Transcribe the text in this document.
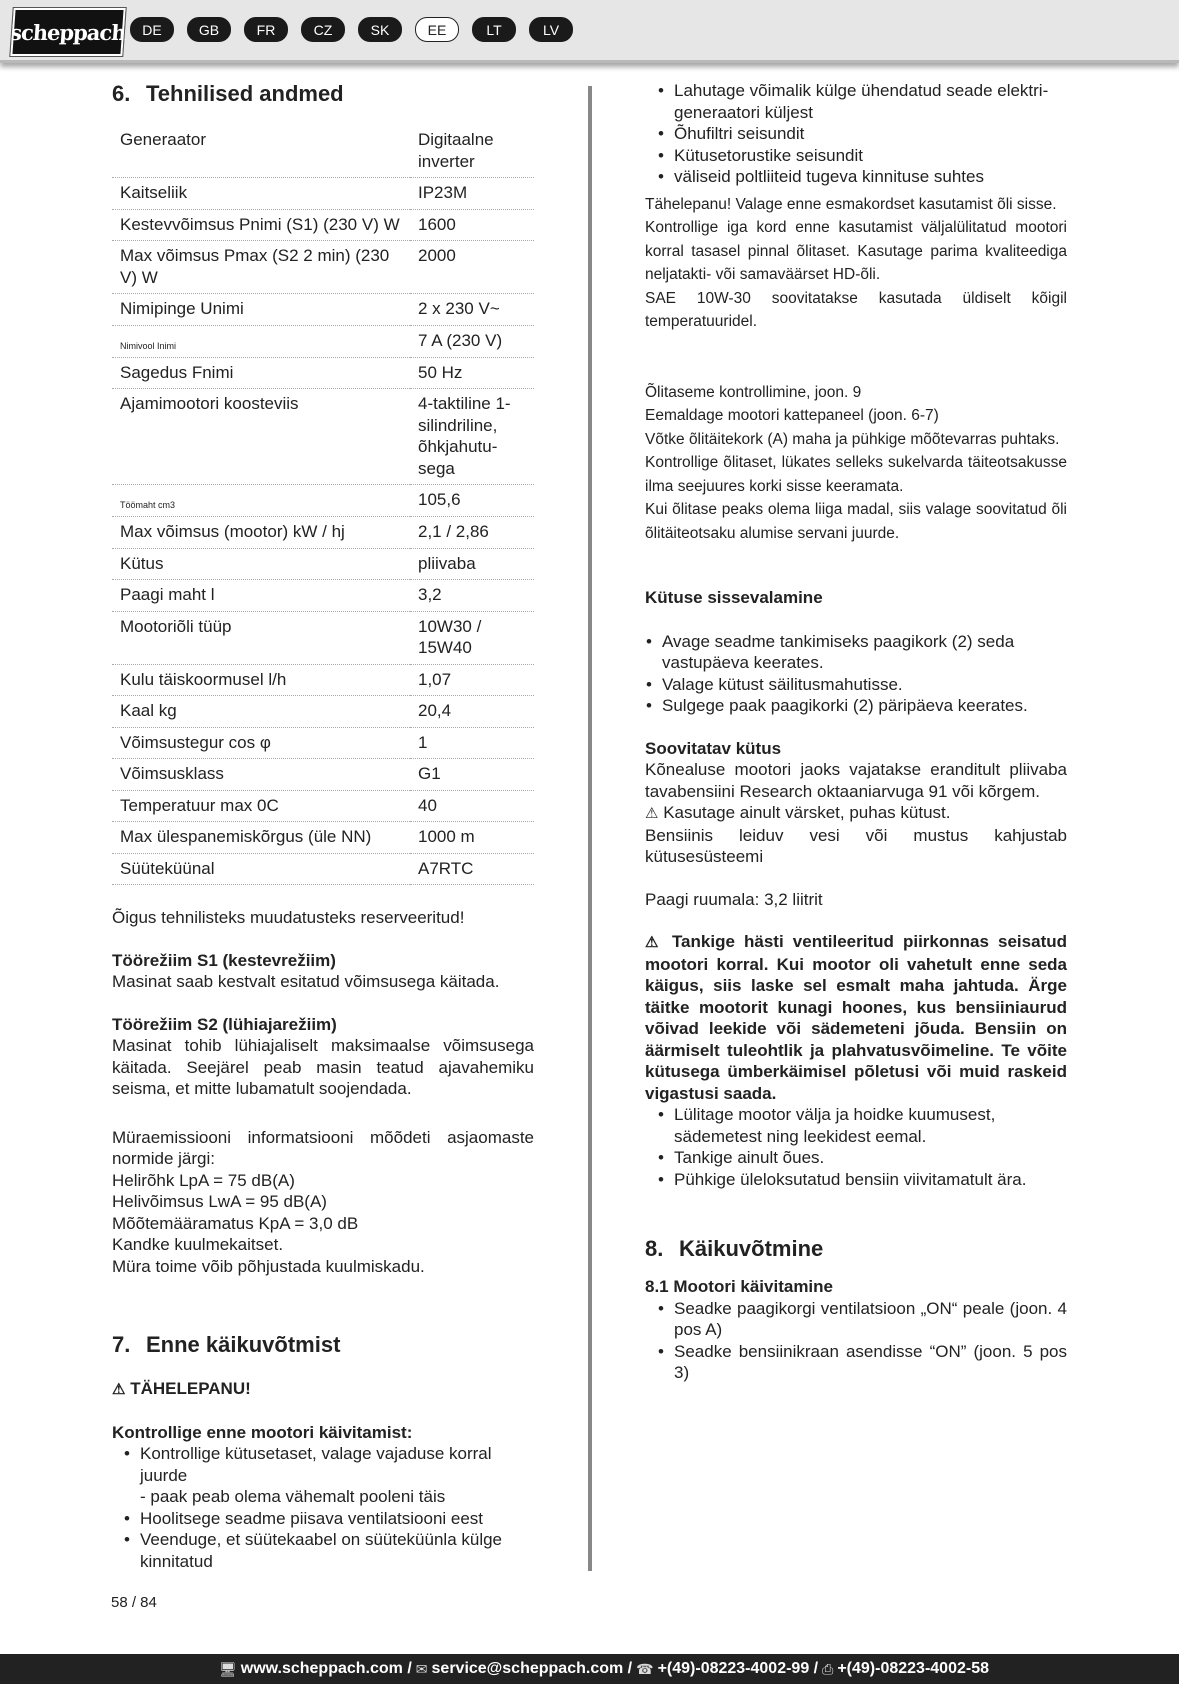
scheppach	DE	GB	FR	CZ	SK	EE	LT	LV
6. Tehnilised andmed
Generaator	Digitaalne inverter
Kaitseliik	IP23M
Kestevvõimsus Pnimi (S1) (230 V) W	1600
Max võimsus Pmax (S2 2 min) (230 V) W	2000
Nimipinge Unimi	2 x 230 V~
Nimivool Inimi	7 A (230 V)
Sagedus Fnimi	50 Hz
Ajamimootori koosteviis	4-taktiline 1-silindriline, õhkjahutu-sega
Töömaht cm3	105,6
Max võimsus (mootor) kW / hj	2,1 / 2,86
Kütus	pliivaba
Paagi maht l	3,2
Mootoriõli tüüp	10W30 / 15W40
Kulu täiskoormusel l/h	1,07
Kaal kg	20,4
Võimsustegur cos φ	1
Võimsusklass	G1
Temperatuur max 0C	40
Max ülespanemiskõrgus (üle NN)	1000 m
Süüteküünal	A7RTC

Õigus tehnilisteks muudatusteks reserveeritud!

Töörežiim S1 (kestevrežiim)

Masinat saab kestvalt esitatud võimsusega käitada.

Töörežiim S2 (lühiajarežiim)

Masinat tohib lühiajaliselt maksimaalse võimsusega käitada. Seejärel peab masin teatud ajavahemiku seisma, et mitte lubamatult soojendada.

Müraemissiooni informatsiooni mõõdeti asjaomaste normide järgi:

Helirõhk LpA = 75 dB(A)

Helivõimsus LwA = 95 dB(A)

Mõõtemääramatus KpA = 3,0 dB

Kandke kuulmekaitset.

Müra toime võib põhjustada kuulmiskadu.

7. Enne käikuvõtmist

⚠ TÄHELEPANU!

Kontrollige enne mootori käivitamist:

• Kontrollige kütusetaset, valage vajaduse korral juurde
- paak peab olema vähemalt pooleni täis
• Hoolitsege seadme piisava ventilatsiooni eest
• Veenduge, et süütekaabel on süüteküünla külge kinnitatud
• Lahutage võimalik külge ühendatud seade elektri-generaatori küljest
• Õhufiltri seisundit
• Kütusetorustike seisundit
• väliseid poltliiteid tugeva kinnituse suhtes

Tähelepanu! Valage enne esmakordset kasutamist õli sisse.

Kontrollige iga kord enne kasutamist väljalülitatud mootori korral tasasel pinnal õlitaset. Kasutage parima kvaliteediga neljatakti- või samaväärset HD-õli.

SAE 10W-30 soovitatakse kasutada üldiselt kõigil temperatuuridel.

Õlitaseme kontrollimine, joon. 9

Eemaldage mootori kattepaneel (joon. 6-7)

Võtke õlitäitekork (A) maha ja pühkige mõõtevarras puhtaks.

Kontrollige õlitaset, lükates selleks sukelvarda täiteotsakusse ilma seejuures korki sisse keeramata.

Kui õlitase peaks olema liiga madal, siis valage soovitatud õli õlitäiteotsaku alumise servani juurde.

Kütuse sissevalamine

• Avage seadme tankimiseks paagikork (2) seda vastupäeva keerates.
• Valage kütust säilitusmahutisse.
• Sulgege paak paagikorki (2) päripäeva keerates.

Soovitatav kütus

Kõnealuse mootori jaoks vajatakse eranditult pliivaba tavabensiini Research oktaaniarvuga 91 või kõrgem.

⚠ Kasutage ainult värsket, puhas kütust.

Bensiinis leiduv vesi või mustus kahjustab kütusesüsteemi

Paagi ruumala: 3,2 liitrit

⚠ Tankige hästi ventileeritud piirkonnas seisatud mootori korral. Kui mootor oli vahetult enne seda käigus, siis laske sel esmalt maha jahtuda. Ärge täitke mootorit kunagi hoones, kus bensiiniaurud võivad leekide või sädemeteni jõuda. Bensiin on äärmiselt tuleohtlik ja plahvatusvõimeline. Te võite kütusega ümberkäimisel põletusi või muid raskeid vigastusi saada.

• Lülitage mootor välja ja hoidke kuumusest, sädemetest ning leekidest eemal.
• Tankige ainult õues.
• Pühkige üleloksutatud bensiin viivitamatult ära.
8. Käikuvõtmine

8.1 Mootori käivitamine

• Seadke paagikorgi ventilatsioon „ON“ peale (joon. 4 pos A)
• Seadke bensiinikraan asendisse “ON” (joon. 5 pos 3)
58 / 84
🖥 www.scheppach.com / ✉ service@scheppach.com / ☎ +(49)-08223-4002-99 / ⎙ +(49)-08223-4002-58
